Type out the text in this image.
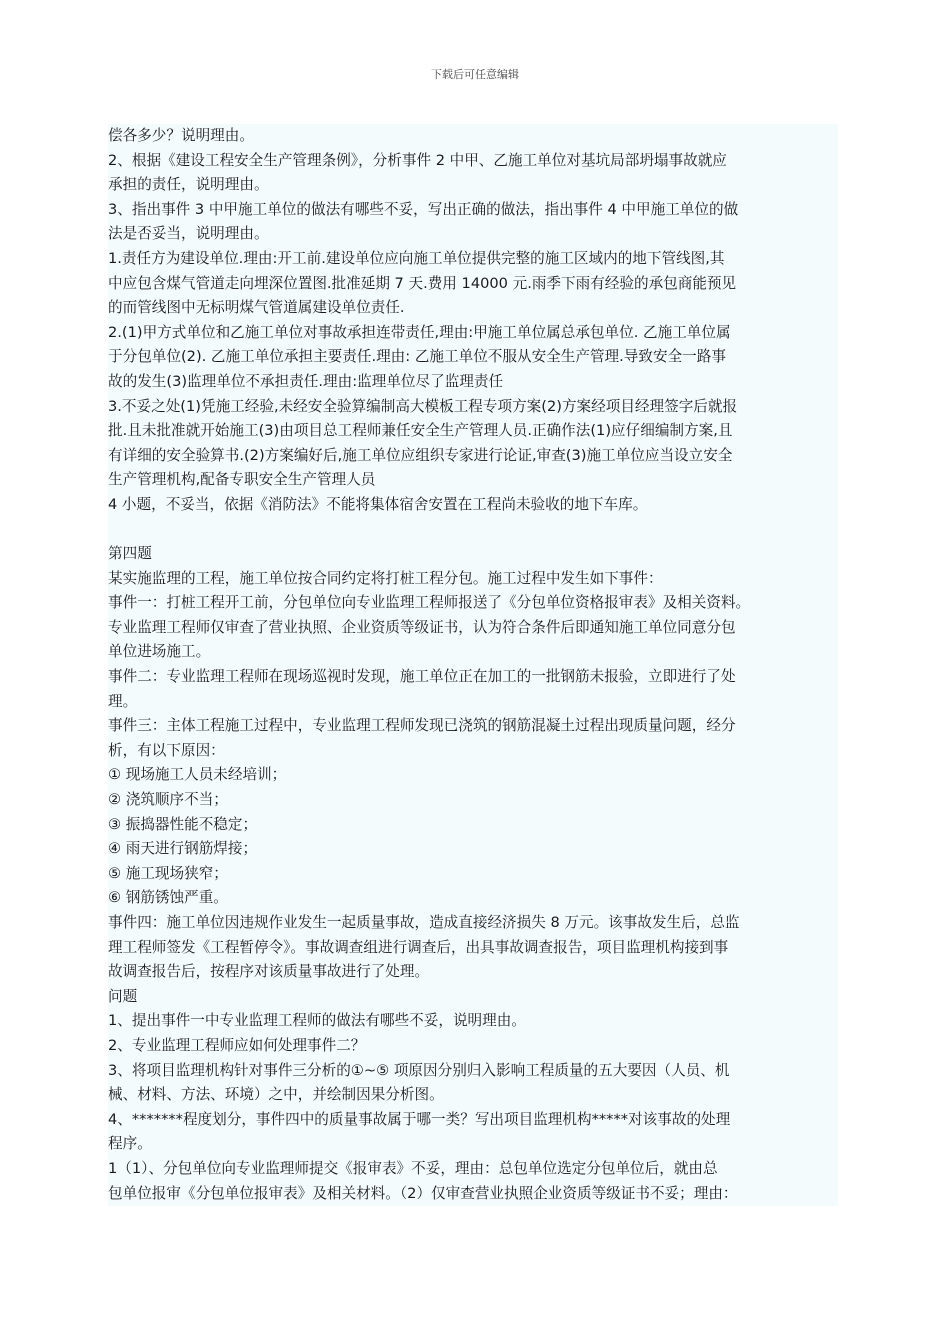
下载后可任意编辑
偿各多少？说明理由。
2、根据《建设工程安全生产管理条例》，分析事件 2 中甲、乙施工单位对基坑局部坍塌事故就应
承担的责任，说明理由。
3、指出事件 3 中甲施工单位的做法有哪些不妥，写出正确的做法，指出事件 4 中甲施工单位的做
法是否妥当，说明理由。
1.责任方为建设单位.理由:开工前.建设单位应向施工单位提供完整的施工区域内的地下管线图,其
中应包含煤气管道走向埋深位置图.批准延期 7 天.费用 14000 元.雨季下雨有经验的承包商能预见
的而管线图中无标明煤气管道属建设单位责任.
2.(1)甲方式单位和乙施工单位对事故承担连带责任,理由:甲施工单位属总承包单位. 乙施工单位属
于分包单位(2). 乙施工单位承担主要责任.理由: 乙施工单位不服从安全生产管理.导致安全一路事
故的发生(3)监理单位不承担责任.理由:监理单位尽了监理责任
3.不妥之处(1)凭施工经验,未经安全验算编制高大模板工程专项方案(2)方案经项目经理签字后就报
批.且未批准就开始施工(3)由项目总工程师兼任安全生产管理人员.正确作法(1)应仔细编制方案,且
有详细的安全验算书.(2)方案编好后,施工单位应组织专家进行论证,审查(3)施工单位应当设立安全
生产管理机构,配备专职安全生产管理人员
4 小题，不妥当，依据《消防法》不能将集体宿舍安置在工程尚未验收的地下车库。
第四题
某实施监理的工程，施工单位按合同约定将打桩工程分包。施工过程中发生如下事件：
事件一：打桩工程开工前，分包单位向专业监理工程师报送了《分包单位资格报审表》及相关资料。
专业监理工程师仅审查了营业执照、企业资质等级证书，认为符合条件后即通知施工单位同意分包
单位进场施工。
事件二：专业监理工程师在现场巡视时发现，施工单位正在加工的一批钢筋未报验，立即进行了处
理。
事件三：主体工程施工过程中，专业监理工程师发现已浇筑的钢筋混凝土过程出现质量问题，经分
析，有以下原因：
① 现场施工人员未经培训；
② 浇筑顺序不当；
③ 振捣器性能不稳定；
④ 雨天进行钢筋焊接；
⑤ 施工现场狭窄；
⑥ 钢筋锈蚀严重。
事件四：施工单位因违规作业发生一起质量事故，造成直接经济损失 8 万元。该事故发生后，总监
理工程师签发《工程暂停令》。事故调查组进行调查后，出具事故调查报告，项目监理机构接到事
故调查报告后，按程序对该质量事故进行了处理。
问题
1、提出事件一中专业监理工程师的做法有哪些不妥，说明理由。
2、专业监理工程师应如何处理事件二？
3、将项目监理机构针对事件三分析的①~⑤ 项原因分别归入影响工程质量的五大要因（人员、机
械、材料、方法、环境）之中，并绘制因果分析图。
4、*******程度划分，事件四中的质量事故属于哪一类？写出项目监理机构*****对该事故的处理
程序。
1（1）、分包单位向专业监理师提交《报审表》不妥，理由：总包单位选定分包单位后，就由总
包单位报审《分包单位报审表》及相关材料。（2）仅审查营业执照企业资质等级证书不妥；理由：
